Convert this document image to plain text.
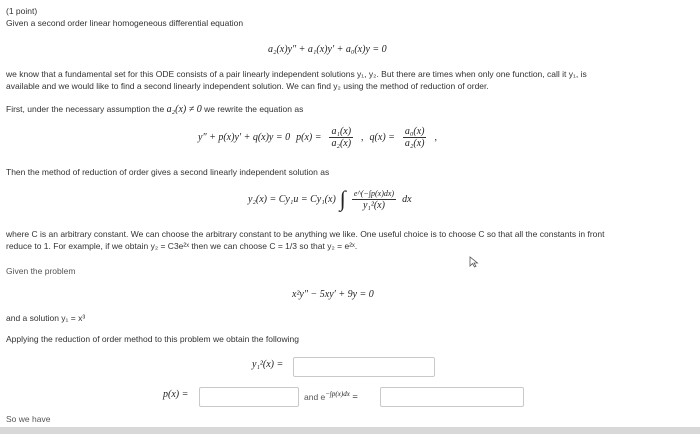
(1 point)
Given a second order linear homogeneous differential equation
a₂(x)y″ + a₁(x)y′ + a₀(x)y = 0
we know that a fundamental set for this ODE consists of a pair linearly independent solutions y₁, y₂. But there are times when only one function, call it y₁, is
available and we would like to find a second linearly independent solution. We can find y₂ using the method of reduction of order.
First, under the necessary assumption the a₂(x) ≠ 0 we rewrite the equation as
y″ + p(x)y′ + q(x)y = 0 $p(x) = \frac{\text{a₁(x)}}{\text{a₂(x)}}$ , $q(x) = \frac{\text{a₀(x)}}{\text{a₂(x)}}$ ,
Then the method of reduction of order gives a second linearly independent solution as
y₂(x) = Cy₁u = Cy₁(x) ∫ $\frac{e\^{}(-\int p(x)dx)}{\text{y₁²(x)}}$ dx
where C is an arbitrary constant. We can choose the arbitrary constant to be anything we like. One useful choice is to choose C so that all the constants in front
reduce to 1. For example, if we obtain y₂ = C3e²ˣ then we can choose C = 1/3 so that y₂ = e²ˣ.
Given the problem
x²y″ − 5xy′ + 9y = 0
and a solution y₁ = x³
Applying the reduction of order method to this problem we obtain the following
y₁²(x) =
p(x) =	and $e^{-\int p(x)dx}$ =
So we have
